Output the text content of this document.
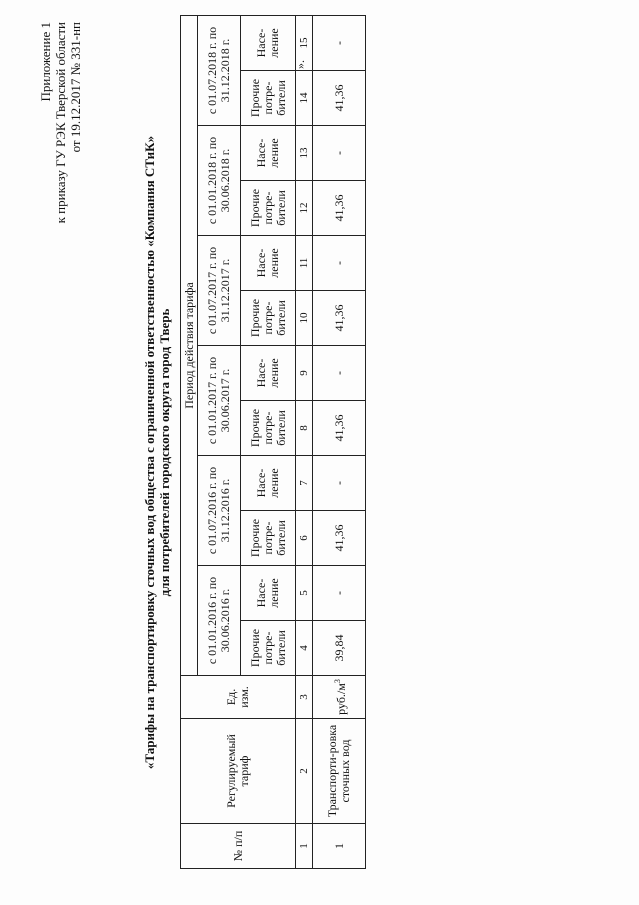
Приложение 1 к приказу ГУ РЭК Тверской области от 19.12.2017 № 331-нп
«Тарифы на транспортировку сточных вод общества с ограниченной ответственностью «Компания СТиК» для потребителей городского округа город Тверь
№ п/п	Регулируемый тариф	Ед. изм.	Период действия тарифа											
			с 01.01.2016 г. по 30.06.2016 г.		с 01.07.2016 г. по 31.12.2016 г.		с 01.01.2017 г. по 30.06.2017 г.		с 01.07.2017 г. по 31.12.2017 г.		с 01.01.2018 г. по 30.06.2018 г.		с 01.07.2018 г. по 31.12.2018 г.	
			Прочие потре-бители	Насе-ление	Прочие потре-бители	Насе-ление	Прочие потре-бители	Насе-ление	Прочие потре-бители	Насе-ление	Прочие потре-бители	Насе-ление	Прочие потре-бители	Насе-ление
1	2	3	4	5	6	7	8	9	10	11	12	13	14	15
1	Транспорти-ровка сточных вод	$руб./м^3$	39,84	-	41,36	-	41,36	-	41,36	-	41,36	-	41,36	-
».
